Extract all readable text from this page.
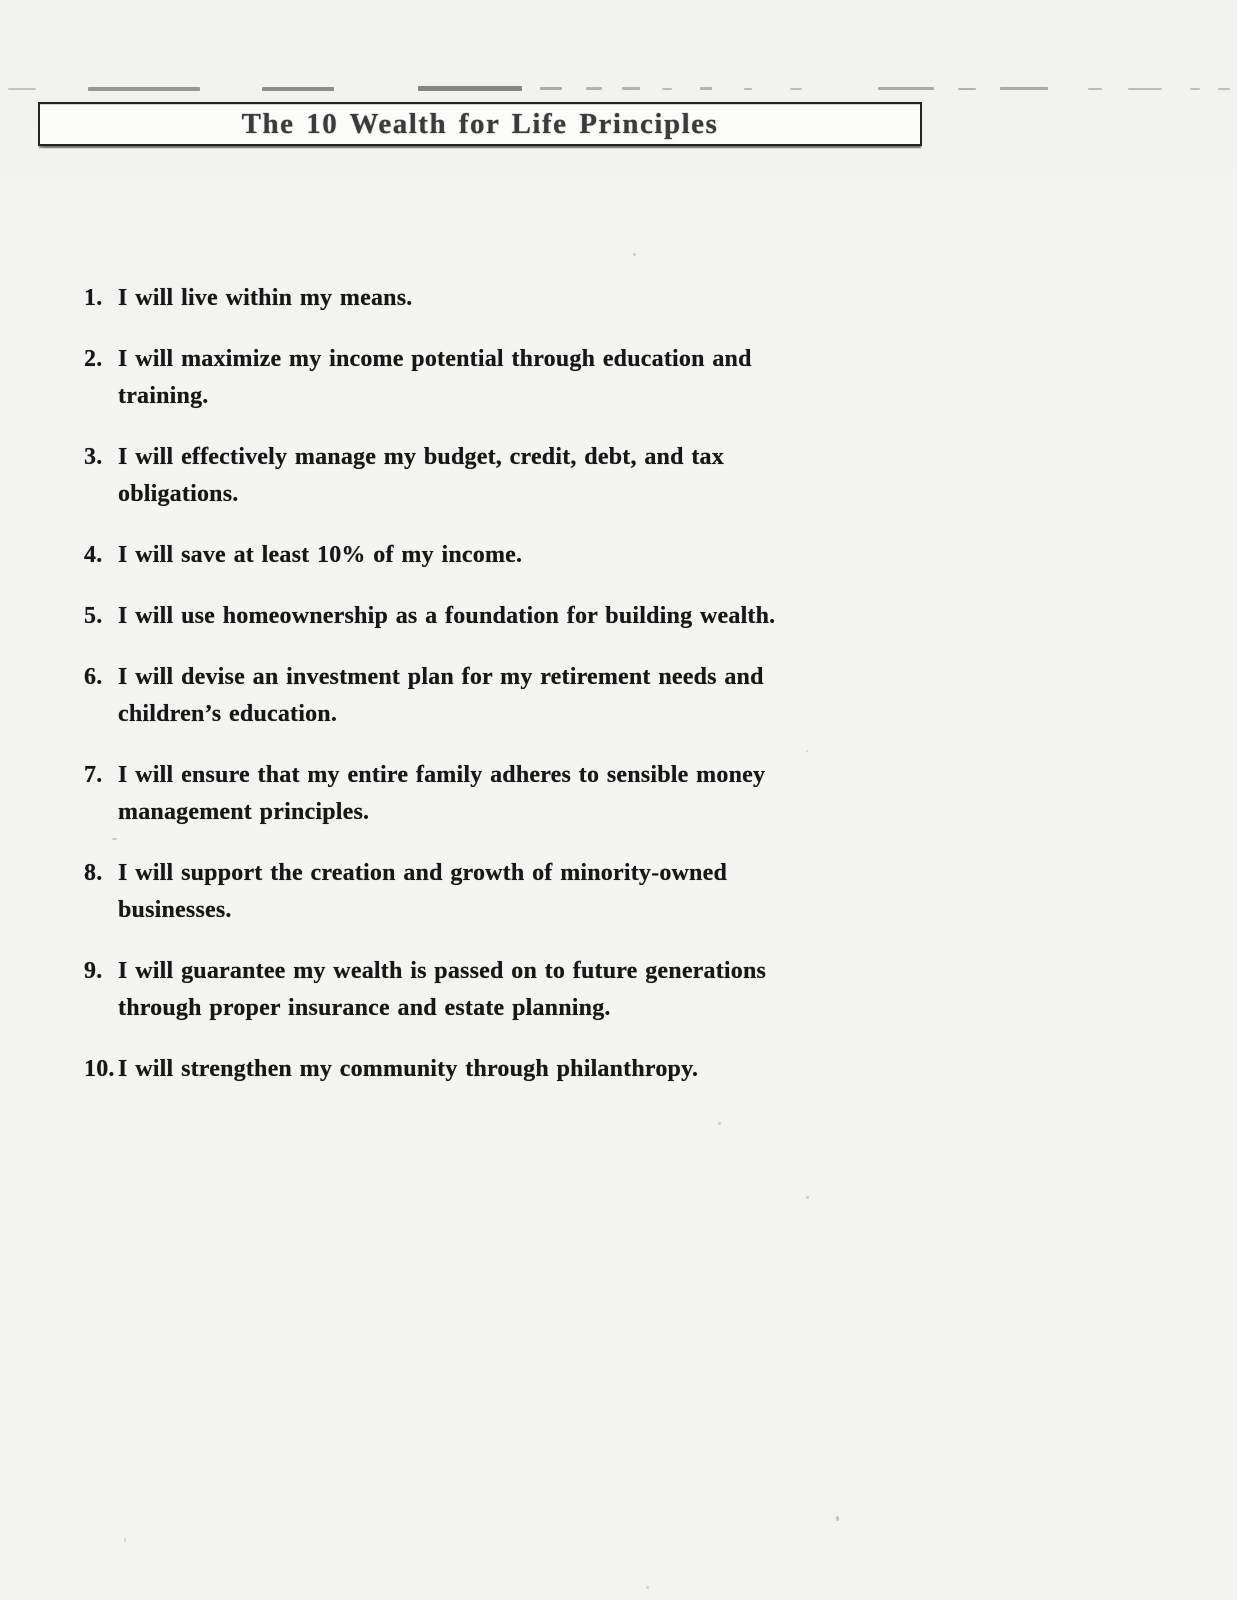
The 10 Wealth for Life Principles
1. I will live within my means.
2. I will maximize my income potential through education and
training.
3. I will effectively manage my budget, credit, debt, and tax
obligations.
4. I will save at least 10% of my income.
5. I will use homeownership as a foundation for building wealth.
6. I will devise an investment plan for my retirement needs and
children’s education.
7. I will ensure that my entire family adheres to sensible money
management principles.
8. I will support the creation and growth of minority-owned
businesses.
9. I will guarantee my wealth is passed on to future generations
through proper insurance and estate planning.
10. I will strengthen my community through philanthropy.
